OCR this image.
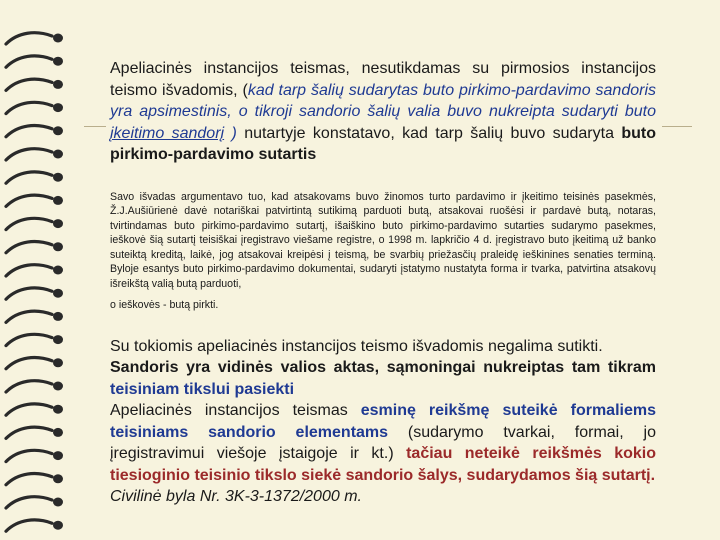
Apeliacinės instancijos teismas, nesutikdamas su pirmosios instancijos teismo išvadomis, (kad tarp šalių sudarytas buto pirkimo-pardavimo sandoris yra apsimestinis, o tikroji sandorio šalių valia buvo nukreipta sudaryti buto įkeitimo sandorį ) nutartyje konstatavo, kad tarp šalių buvo sudaryta buto pirkimo-pardavimo sutartis

Savo išvadas argumentavo tuo, kad atsakovams buvo žinomos turto pardavimo ir įkeitimo teisinės pasekmės, Ž.J.Aušiūrienė davė notariškai patvirtintą sutikimą parduoti butą, atsakovai ruošėsi ir pardavė butą, notaras, tvirtindamas buto pirkimo-pardavimo sutartį, išaiškino buto pirkimo-pardavimo sutarties sudarymo pasekmes, ieškovė šią sutartį teisiškai įregistravo viešame registre, o 1998 m. lapkričio 4 d. įregistravo buto įkeitimą už banko suteiktą kreditą, laikė, jog atsakovai kreipėsi į teismą, be svarbių priežasčių praleidę ieškinines senaties terminą. Byloje esantys buto pirkimo-pardavimo dokumentai, sudaryti įstatymo nustatyta forma ir tvarka, patvirtina atsakovų išreikštą valią butą parduoti,

o ieškovės - butą pirkti.

Su tokiomis apeliacinės instancijos teismo išvadomis negalima sutikti.
Sandoris yra vidinės valios aktas, sąmoningai nukreiptas tam tikram teisiniam tikslui pasiekti
Apeliacinės instancijos teismas esminę reikšmę suteikė formaliems teisiniams sandorio elementams (sudarymo tvarkai, formai, jo įregistravimui viešoje įstaigoje ir kt.) tačiau neteikė reikšmės kokio tiesioginio teisinio tikslo siekė sandorio šalys, sudarydamos šią sutartį.
Civilinė byla Nr. 3K-3-1372/2000 m.
